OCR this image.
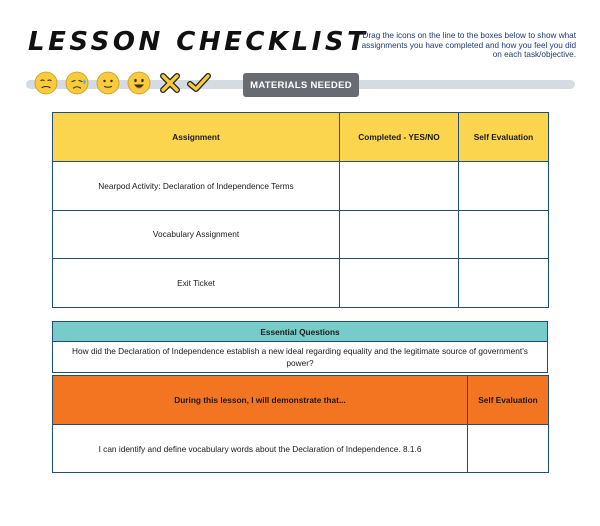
LESSON CHECKLIST
Drag the icons on the line to the boxes below to show what assignments you have completed and how you feel you did on each task/objective.
MATERIALS NEEDED
Assignment	Completed - YES/NO	Self Evaluation
Nearpod Activity: Declaration of Independence Terms		
Vocabulary Assignment		
Exit Ticket		
Essential Questions
How did the Declaration of Independence establish a new ideal regarding equality and the legitimate source of government's power?
During this lesson, I will demonstrate that...	Self Evaluation
I can identify and define vocabulary words about the Declaration of Independence. 8.1.6	
